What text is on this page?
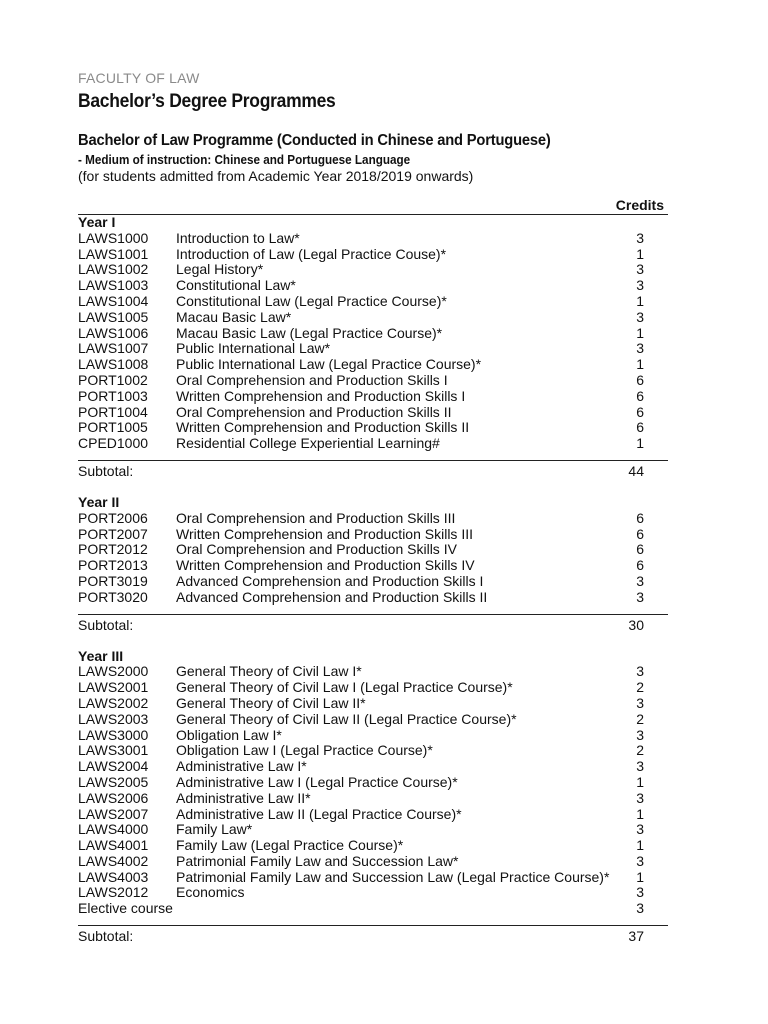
FACULTY OF LAW
Bachelor’s Degree Programmes
Bachelor of Law Programme (Conducted in Chinese and Portuguese)
- Medium of instruction: Chinese and Portuguese Language
(for students admitted from Academic Year 2018/2019 onwards)
Credits
Year I
LAWS1000 Introduction to Law*	3
LAWS1001 Introduction of Law (Legal Practice Couse)*	1
LAWS1002 Legal History*	3
LAWS1003 Constitutional Law*	3
LAWS1004 Constitutional Law (Legal Practice Course)*	1
LAWS1005 Macau Basic Law*	3
LAWS1006 Macau Basic Law (Legal Practice Course)*	1
LAWS1007 Public International Law*	3
LAWS1008 Public International Law (Legal Practice Course)*	1
PORT1002 Oral Comprehension and Production Skills I	6
PORT1003 Written Comprehension and Production Skills I	6
PORT1004 Oral Comprehension and Production Skills II	6
PORT1005 Written Comprehension and Production Skills II	6
CPED1000 Residential College Experiential Learning#	1
Subtotal:	44
Year II
PORT2006 Oral Comprehension and Production Skills III	6
PORT2007 Written Comprehension and Production Skills III	6
PORT2012 Oral Comprehension and Production Skills IV	6
PORT2013 Written Comprehension and Production Skills IV	6
PORT3019 Advanced Comprehension and Production Skills I	3
PORT3020 Advanced Comprehension and Production Skills II	3
Subtotal:	30
Year III
LAWS2000 General Theory of Civil Law I*	3
LAWS2001 General Theory of Civil Law I (Legal Practice Course)*	2
LAWS2002 General Theory of Civil Law II*	3
LAWS2003 General Theory of Civil Law II (Legal Practice Course)*	2
LAWS3000 Obligation Law I*	3
LAWS3001 Obligation Law I (Legal Practice Course)*	2
LAWS2004 Administrative Law I*	3
LAWS2005 Administrative Law I (Legal Practice Course)*	1
LAWS2006 Administrative Law II*	3
LAWS2007 Administrative Law II (Legal Practice Course)*	1
LAWS4000 Family Law*	3
LAWS4001 Family Law (Legal Practice Course)*	1
LAWS4002 Patrimonial Family Law and Succession Law*	3
LAWS4003 Patrimonial Family Law and Succession Law (Legal Practice Course)* 1
LAWS2012 Economics	3
Elective course	3
Subtotal:	37
